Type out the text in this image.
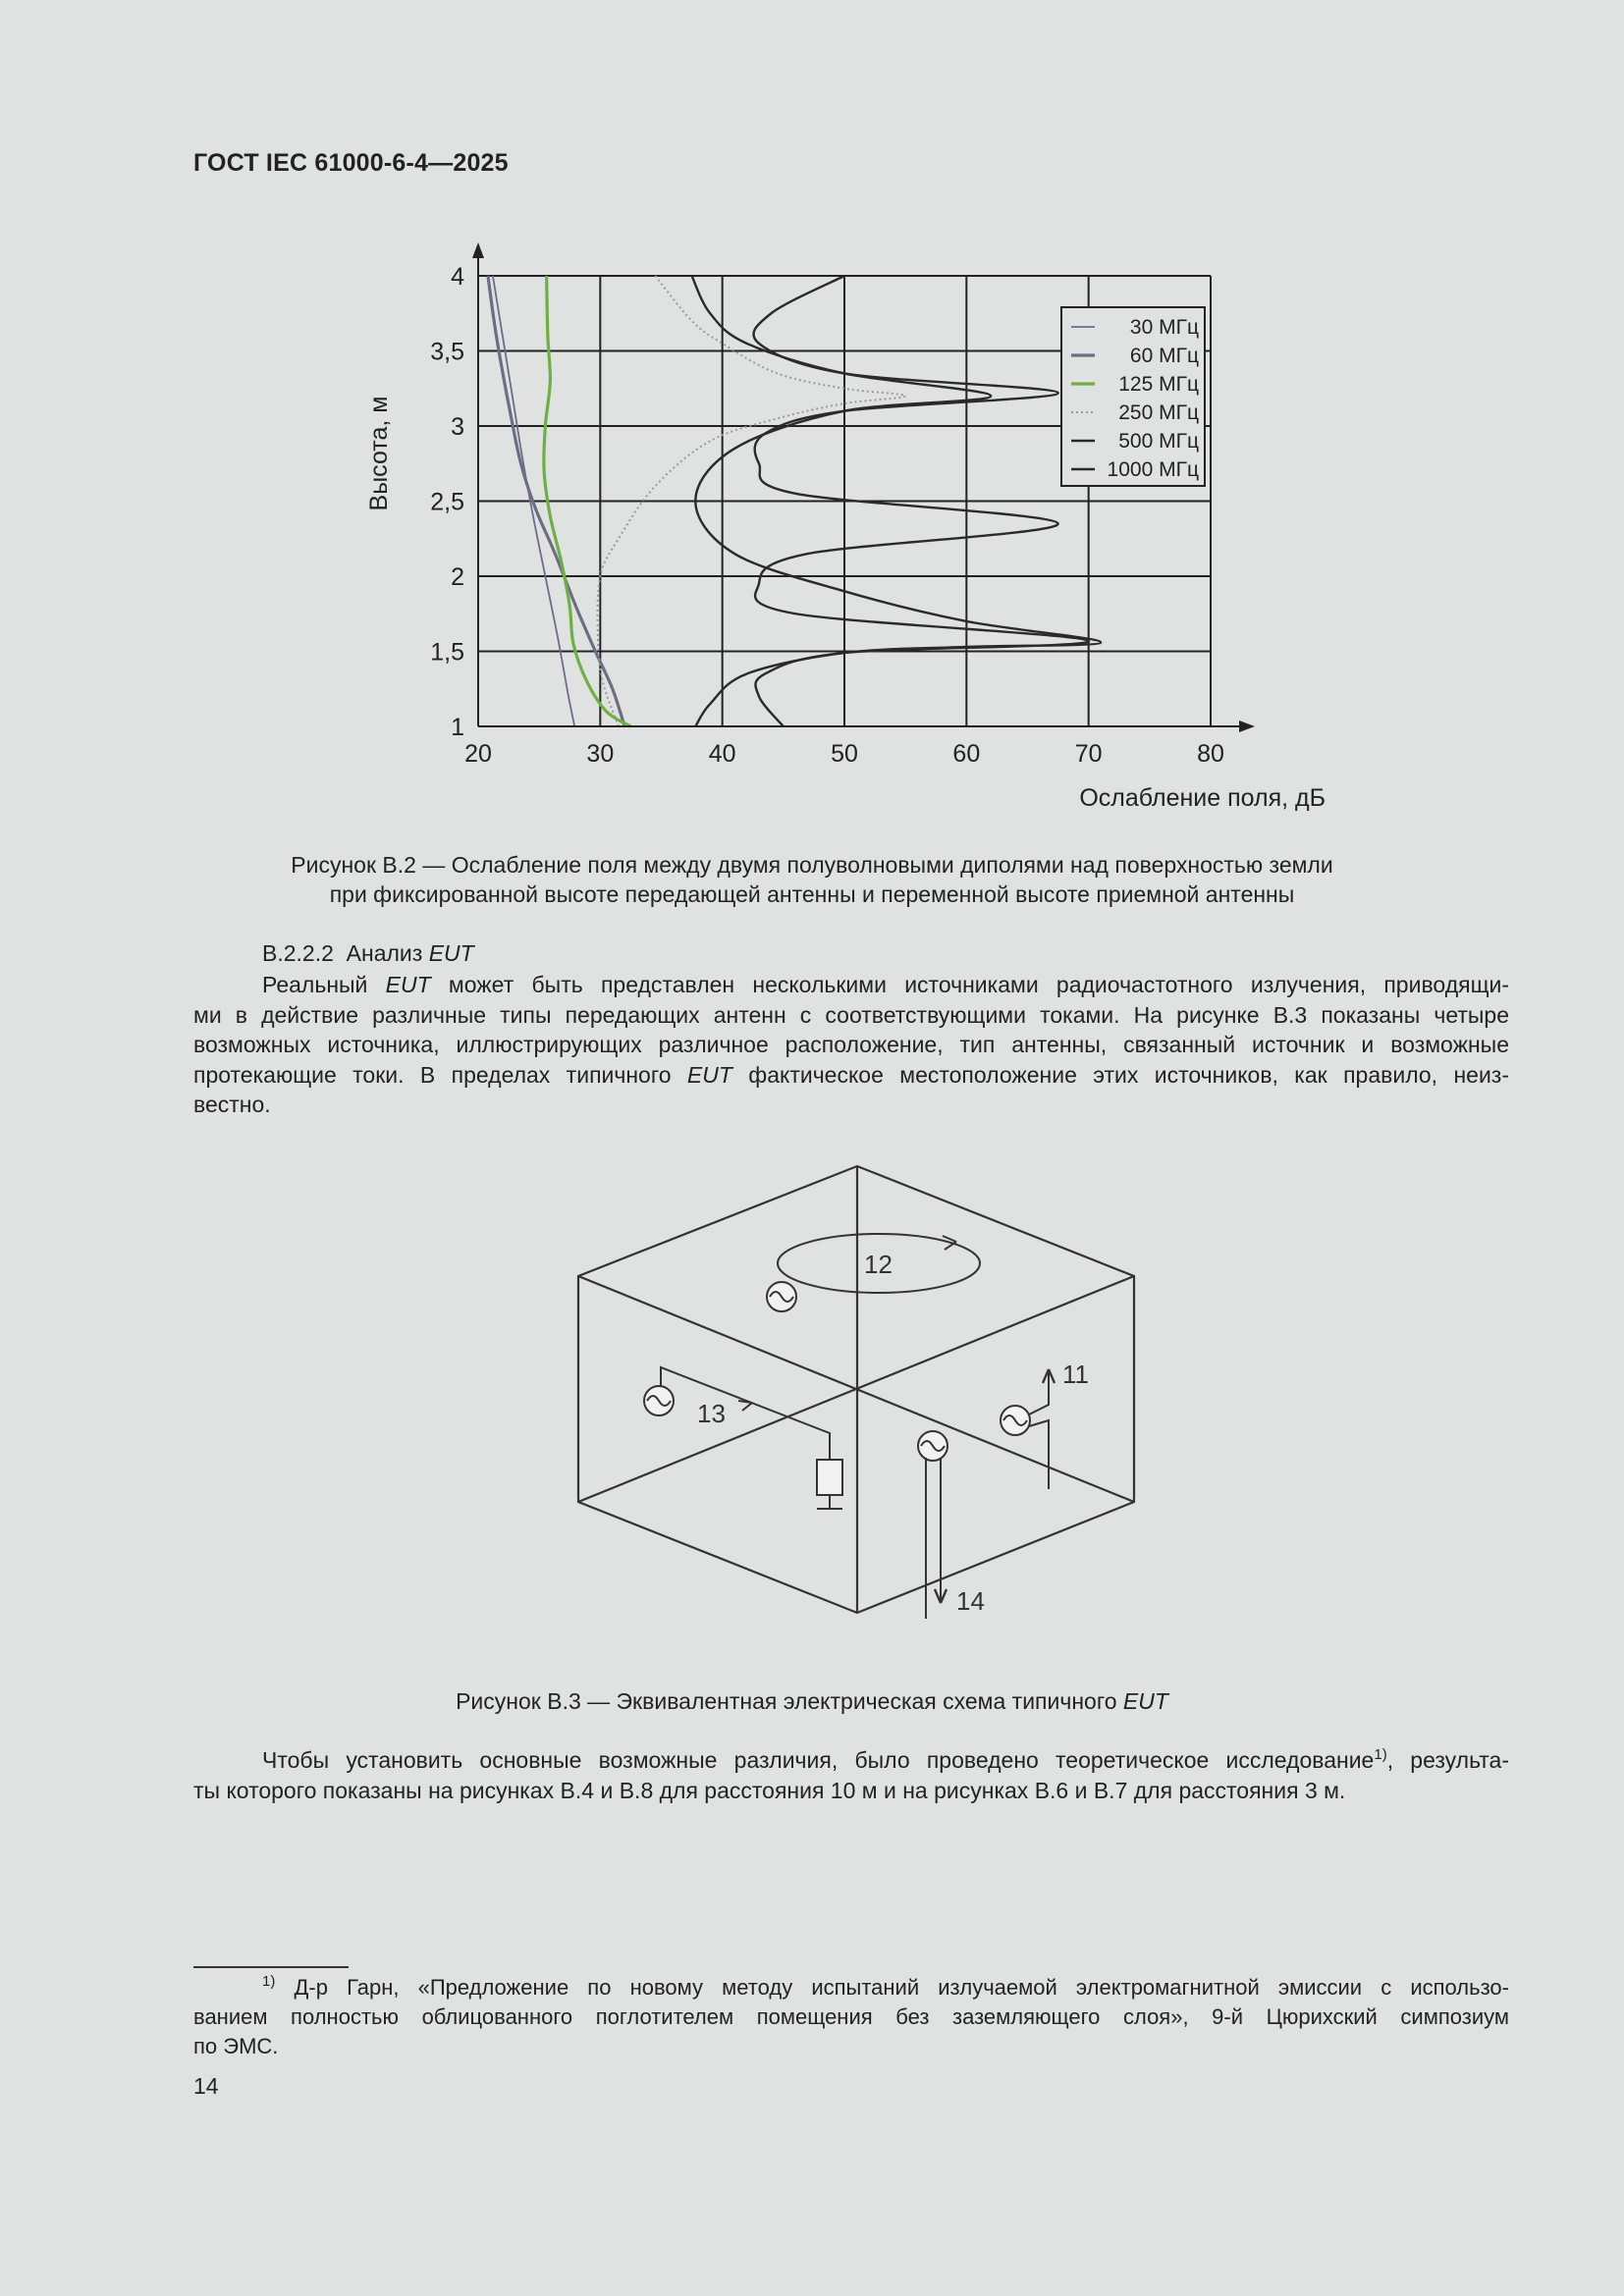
ГОСТ IEC 61000-6-4—2025
20	30	40	50	60	70	80
1
1,5
2
2,5
3
3,5
4
Высота, м
Ослабление поля, дБ
30 МГц
60 МГц
125 МГц
250 МГц
500 МГц
1000 МГц
Рисунок В.2 — Ослабление поля между двумя полуволновыми диполями над поверхностью земли
при фиксированной высоте передающей антенны и переменной высоте приемной антенны
В.2.2.2 Анализ EUT
Реальный EUT может быть представлен несколькими источниками радиочастотного излучения, приводящи-
ми в действие различные типы передающих антенн с соответствующими токами. На рисунке В.3 показаны четыре
возможных источника, иллюстрирующих различное расположение, тип антенны, связанный источник и возможные
протекающие токи. В пределах типичного EUT фактическое местоположение этих источников, как правило, неиз-
вестно.
12
13
11
14
Рисунок В.3 — Эквивалентная электрическая схема типичного EUT
Чтобы установить основные возможные различия, было проведено теоретическое исследование$^{1)}$, результа-
ты которого показаны на рисунках В.4 и В.8 для расстояния 10 м и на рисунках В.6 и В.7 для расстояния 3 м.
$^{1)}$ Д-р Гарн, «Предложение по новому методу испытаний излучаемой электромагнитной эмиссии с использо-
ванием полностью облицованного поглотителем помещения без заземляющего слоя», 9-й Цюрихский симпозиум
по ЭМС.
14
